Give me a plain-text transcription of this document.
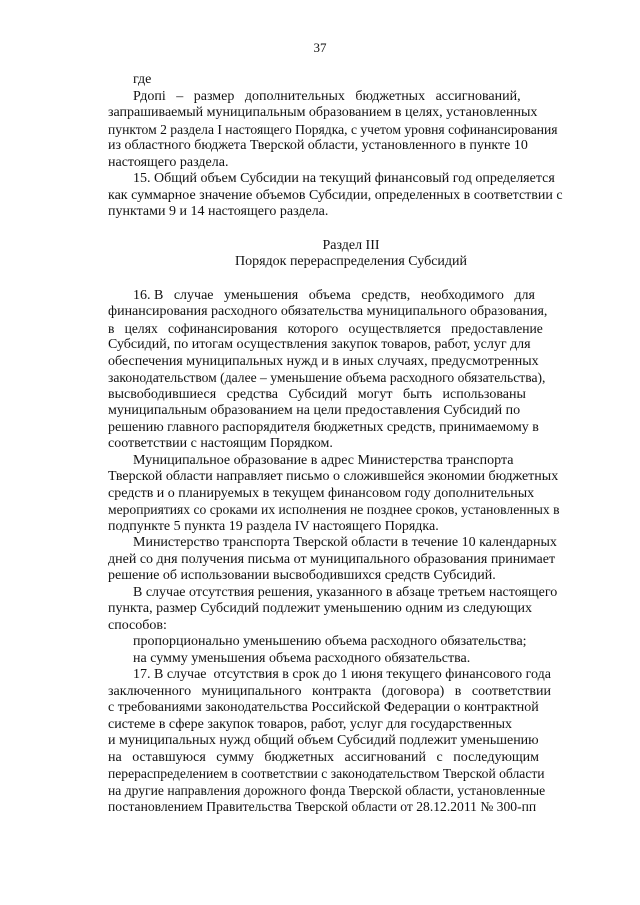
37
где
Рдопi   –   размер   дополнительных   бюджетных   ассигнований,
запрашиваемый муниципальным образованием в целях, установленных
пунктом 2 раздела I настоящего Порядка, с учетом уровня софинансирования
из областного бюджета Тверской области, установленного в пункте 10
настоящего раздела.
15. Общий объем Субсидии на текущий финансовый год определяется
как суммарное значение объемов Субсидии, определенных в соответствии с
пунктами 9 и 14 настоящего раздела.
Раздел III
Порядок перераспределения Субсидий
16. В   случае   уменьшения   объема   средств,   необходимого   для
финансирования расходного обязательства муниципального образования,
в   целях   софинансирования   которого   осуществляется   предоставление
Субсидий, по итогам осуществления закупок товаров, работ, услуг для
обеспечения муниципальных нужд и в иных случаях, предусмотренных
законодательством (далее – уменьшение объема расходного обязательства),
высвободившиеся   средства   Субсидий   могут   быть   использованы
муниципальным образованием на цели предоставления Субсидий по
решению главного распорядителя бюджетных средств, принимаемому в
соответствии с настоящим Порядком.
Муниципальное образование в адрес Министерства транспорта
Тверской области направляет письмо о сложившейся экономии бюджетных
средств и о планируемых в текущем финансовом году дополнительных
мероприятиях со сроками их исполнения не позднее сроков, установленных в
подпункте 5 пункта 19 раздела IV настоящего Порядка.
Министерство транспорта Тверской области в течение 10 календарных
дней со дня получения письма от муниципального образования принимает
решение об использовании высвободившихся средств Субсидий.
В случае отсутствия решения, указанного в абзаце третьем настоящего
пункта, размер Субсидий подлежит уменьшению одним из следующих
способов:
пропорционально уменьшению объема расходного обязательства;
на сумму уменьшения объема расходного обязательства.
17. В случае  отсутствия в срок до 1 июня текущего финансового года
заключенного   муниципального   контракта   (договора)   в   соответствии
с требованиями законодательства Российской Федерации о контрактной
системе в сфере закупок товаров, работ, услуг для государственных
и муниципальных нужд общий объем Субсидий подлежит уменьшению
на   оставшуюся   сумму   бюджетных   ассигнований   с   последующим
перераспределением в соответствии с законодательством Тверской области
на другие направления дорожного фонда Тверской области, установленные
постановлением Правительства Тверской области от 28.12.2011 № 300-пп
